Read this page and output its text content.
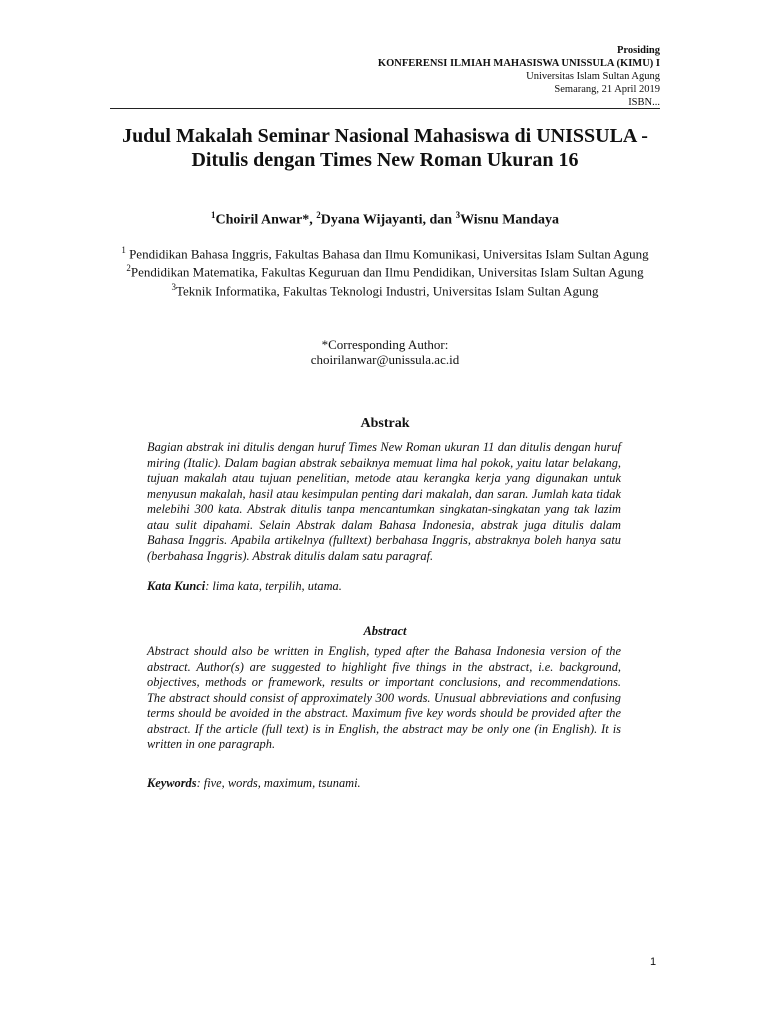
Prosiding
KONFERENSI ILMIAH MAHASISWA UNISSULA (KIMU) I
Universitas Islam Sultan Agung
Semarang, 21 April 2019
ISBN...
Judul Makalah Seminar Nasional Mahasiswa di UNISSULA -
Ditulis dengan Times New Roman Ukuran 16
$^1$Choiril Anwar*, $^2$Dyana Wijayanti, dan $^3$Wisnu Mandaya
$^1$ Pendidikan Bahasa Inggris, Fakultas Bahasa dan Ilmu Komunikasi, Universitas Islam Sultan Agung
$^2$Pendidikan Matematika, Fakultas Keguruan dan Ilmu Pendidikan, Universitas Islam Sultan Agung
$^3$Teknik Informatika, Fakultas Teknologi Industri, Universitas Islam Sultan Agung
*Corresponding Author:
choirilanwar@unissula.ac.id
Abstrak
Bagian abstrak ini ditulis dengan huruf Times New Roman ukuran 11 dan ditulis dengan huruf miring (Italic). Dalam bagian abstrak sebaiknya memuat lima hal pokok, yaitu latar belakang, tujuan makalah atau tujuan penelitian, metode atau kerangka kerja yang digunakan untuk menyusun makalah, hasil atau kesimpulan penting dari makalah, dan saran. Jumlah kata tidak melebihi 300 kata. Abstrak ditulis tanpa mencantumkan singkatan-singkatan yang tak lazim atau sulit dipahami. Selain Abstrak dalam Bahasa Indonesia, abstrak juga ditulis dalam Bahasa Inggris. Apabila artikelnya (fulltext) berbahasa Inggris, abstraknya boleh hanya satu (berbahasa Inggris). Abstrak ditulis dalam satu paragraf.
Kata Kunci: lima kata, terpilih, utama.
Abstract
Abstract should also be written in English, typed after the Bahasa Indonesia version of the abstract. Author(s) are suggested to highlight five things in the abstract, i.e. background, objectives, methods or framework, results or important conclusions, and recommendations. The abstract should consist of approximately 300 words. Unusual abbreviations and confusing terms should be avoided in the abstract. Maximum five key words should be provided after the abstract. If the article (full text) is in English, the abstract may be only one (in English). It is written in one paragraph.
Keywords: five, words, maximum, tsunami.
1
